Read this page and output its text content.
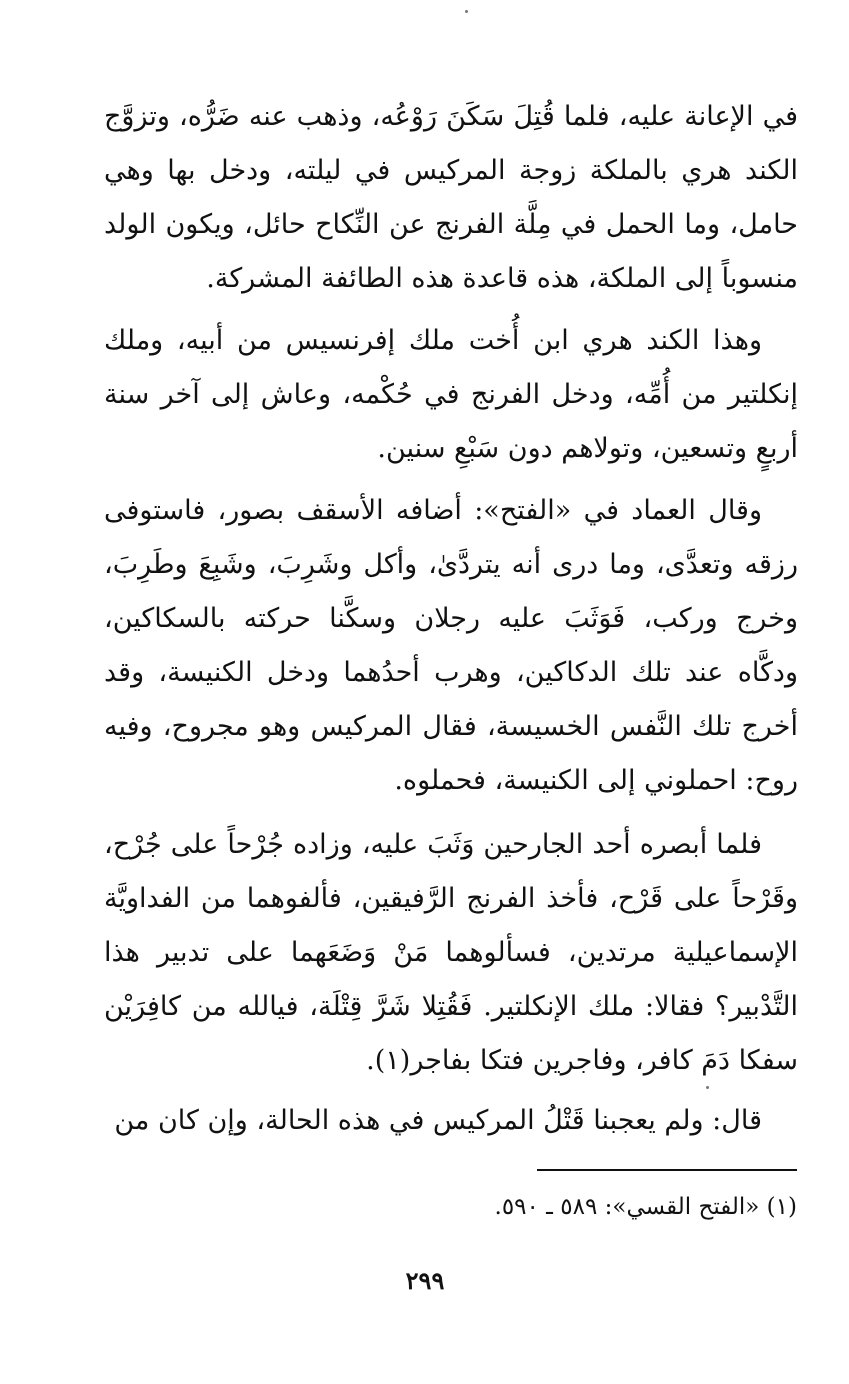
في الإعانة عليه، فلما قُتِلَ سَكَنَ رَوْعُه، وذهب عنه ضَرُّه، وتزوَّج الكند هري بالملكة زوجة المركيس في ليلته، ودخل بها وهي حامل، وما الحمل في مِلَّة الفرنج عن النِّكاح حائل، ويكون الولد منسوباً إلى الملكة، هذه قاعدة هذه الطائفة المشركة.

وهذا الكند هري ابن أُخت ملك إفرنسيس من أبيه، وملك إنكلتير من أُمِّه، ودخل الفرنج في حُكْمه، وعاش إلى آخر سنة أربعٍ وتسعين، وتولاهم دون سَبْعِ سنين.

وقال العماد في «الفتح»: أضافه الأسقف بصور، فاستوفى رزقه وتعدَّى، وما درى أنه يتردَّىٰ، وأكل وشَرِبَ، وشَبِعَ وطَرِبَ، وخرج وركب، فَوَثَبَ عليه رجلان وسكَّنا حركته بالسكاكين، ودكَّاه عند تلك الدكاكين، وهرب أحدُهما ودخل الكنيسة، وقد أخرج تلك النَّفس الخسيسة، فقال المركيس وهو مجروح، وفيه روح: احملوني إلى الكنيسة، فحملوه.

فلما أبصره أحد الجارحين وَثَبَ عليه، وزاده جُرْحاً على جُرْح، وقَرْحاً على قَرْح، فأخذ الفرنج الرَّفيقين، فألفوهما من الفداويَّة الإسماعيلية مرتدين، فسألوهما مَنْ وَضَعَهما على تدبير هذا التَّدْبير؟ فقالا: ملك الإنكلتير. فَقُتِلا شَرَّ قِتْلَة، فيالله من كافِرَيْن سفكا دَمَ كافر، وفاجرين فتكا بفاجر(١).

قال: ولم يعجبنا قَتْلُ المركيس في هذه الحالة، وإن كان من

(١) «الفتح القسي»: ٥٨٩ ـ ٥٩٠.
٢٩٩
